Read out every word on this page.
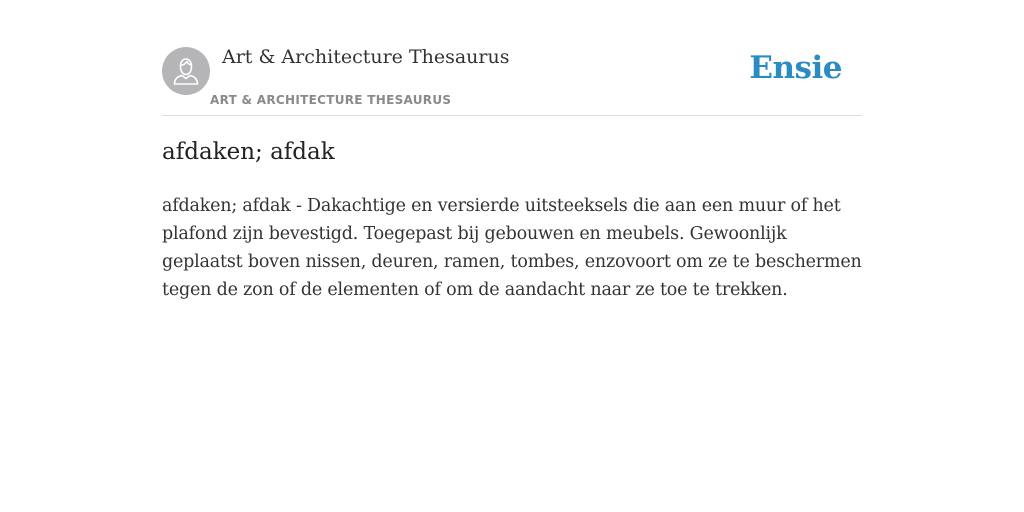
Art & Architecture Thesaurus
ART & ARCHITECTURE THESAURUS
Ensie
afdaken; afdak

afdaken; afdak - Dakachtige en versierde uitsteeksels die aan een muur of het plafond zijn bevestigd. Toegepast bij gebouwen en meubels. Gewoonlijk geplaatst boven nissen, deuren, ramen, tombes, enzovoort om ze te beschermen tegen de zon of de elementen of om de aandacht naar ze toe te trekken.
